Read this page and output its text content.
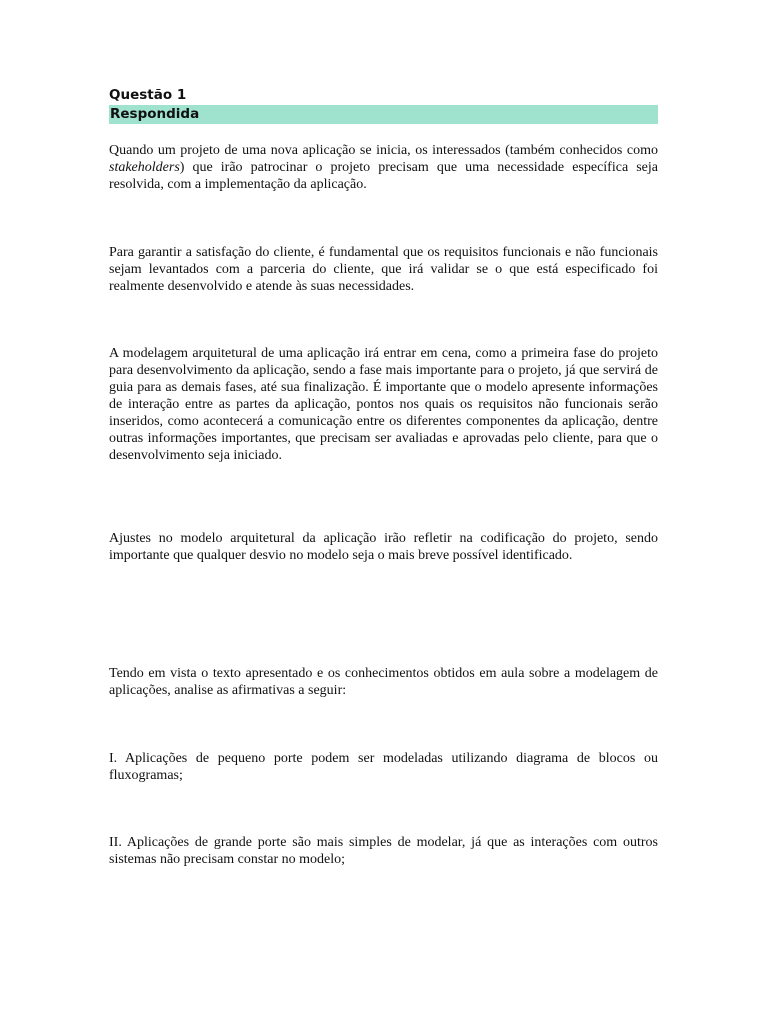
Questão 1
Respondida

Quando um projeto de uma nova aplicação se inicia, os interessados (também conhecidos como stakeholders) que irão patrocinar o projeto precisam que uma necessidade específica seja resolvida, com a implementação da aplicação.

Para garantir a satisfação do cliente, é fundamental que os requisitos funcionais e não funcionais sejam levantados com a parceria do cliente, que irá validar se o que está especificado foi realmente desenvolvido e atende às suas necessidades.

A modelagem arquitetural de uma aplicação irá entrar em cena, como a primeira fase do projeto para desenvolvimento da aplicação, sendo a fase mais importante para o projeto, já que servirá de guia para as demais fases, até sua finalização. É importante que o modelo apresente informações de interação entre as partes da aplicação, pontos nos quais os requisitos não funcionais serão inseridos, como acontecerá a comunicação entre os diferentes componentes da aplicação, dentre outras informações importantes, que precisam ser avaliadas e aprovadas pelo cliente, para que o desenvolvimento seja iniciado.

Ajustes no modelo arquitetural da aplicação irão refletir na codificação do projeto, sendo importante que qualquer desvio no modelo seja o mais breve possível identificado.

Tendo em vista o texto apresentado e os conhecimentos obtidos em aula sobre a modelagem de aplicações, analise as afirmativas a seguir:

I. Aplicações de pequeno porte podem ser modeladas utilizando diagrama de blocos ou fluxogramas;

II. Aplicações de grande porte são mais simples de modelar, já que as interações com outros sistemas não precisam constar no modelo;
